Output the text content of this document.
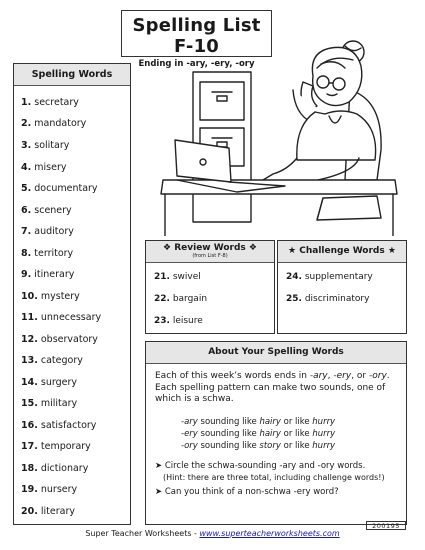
Spelling List F-10
Ending in -ary, -ery, -ory
Spelling Words
1. secretary
2. mandatory
3. solitary
4. misery
5. documentary
6. scenery
7. auditory
8. territory
9. itinerary
10. mystery
11. unnecessary
12. observatory
13. category
14. surgery
15. military
16. satisfactory
17. temporary
18. dictionary
19. nursery
20. literary
❖ Review Words ❖
(from List F-8)
21. swivel
22. bargain
23. leisure
★ Challenge Words ★
24. supplementary
25. discriminatory
About Your Spelling Words
Each of this week’s words ends in -ary, -ery, or -ory. Each spelling pattern can make two sounds, one of which is a schwa.
-ary sounding like hairy or like hurry
-ery sounding like hairy or like hurry
-ory sounding like story or like hurry
➤ Circle the schwa-sounding -ary and -ory words.
(Hint: there are three total, including challenge words!)
➤ Can you think of a non-schwa -ery word?
200195
Super Teacher Worksheets - www.superteacherworksheets.com
